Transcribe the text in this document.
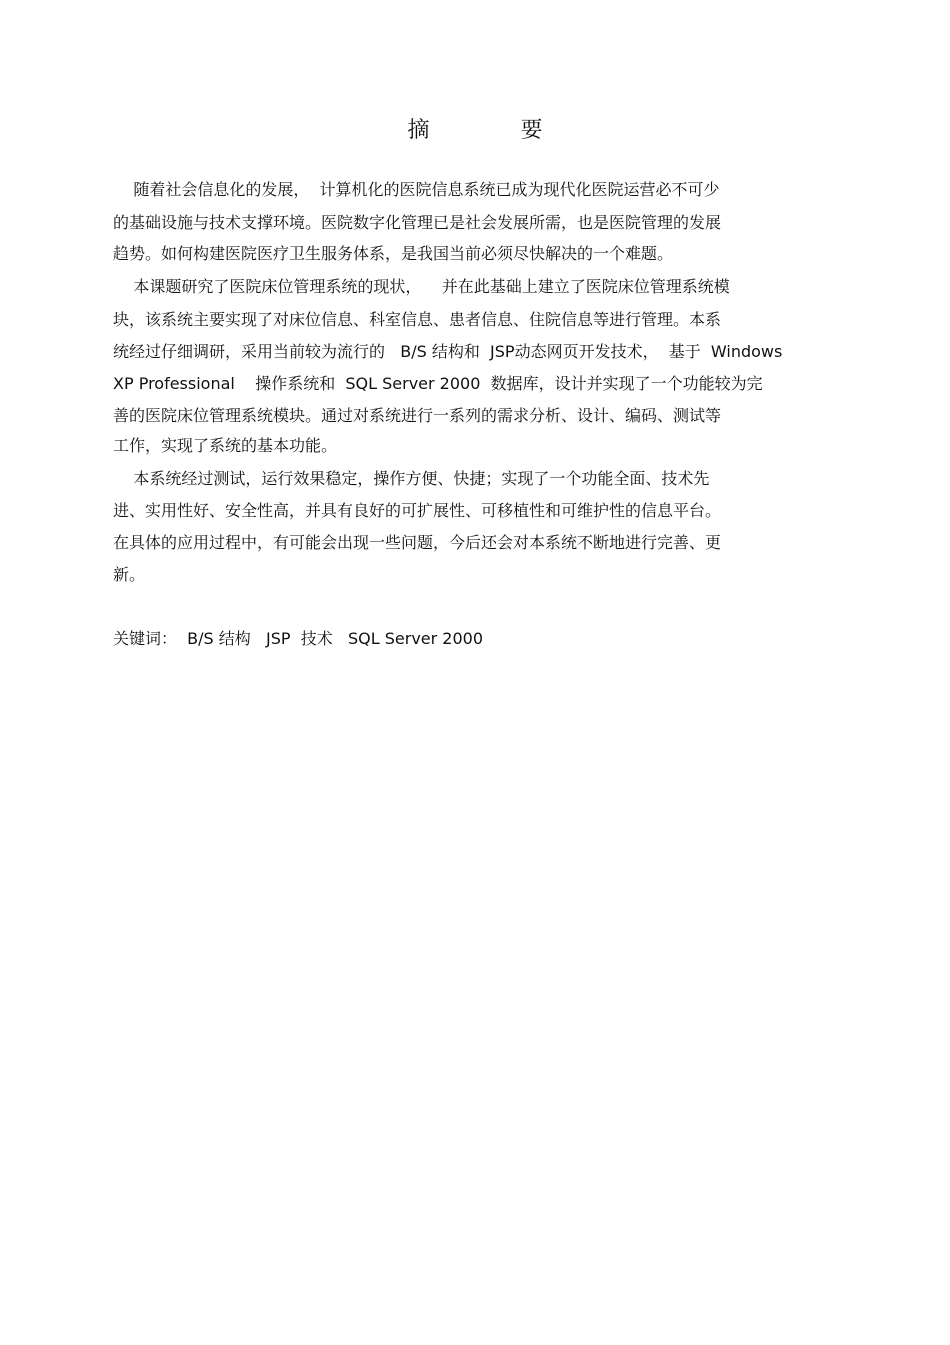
摘 要
随着社会信息化的发展，  计算机化的医院信息系统已成为现代化医院运营必不可少
的基础设施与技术支撑环境。医院数字化管理已是社会发展所需，也是医院管理的发展
趋势。如何构建医院医疗卫生服务体系，是我国当前必须尽快解决的一个难题。
本课题研究了医院床位管理系统的现状，    并在此基础上建立了医院床位管理系统模
块，该系统主要实现了对床位信息、科室信息、患者信息、住院信息等进行管理。本系
统经过仔细调研，采用当前较为流行的   B/S 结构和  JSP动态网页开发技术，  基于  Windows
XP Professional    操作系统和  SQL Server 2000  数据库，设计并实现了一个功能较为完
善的医院床位管理系统模块。通过对系统进行一系列的需求分析、设计、编码、测试等
工作，实现了系统的基本功能。
本系统经过测试，运行效果稳定，操作方便、快捷；实现了一个功能全面、技术先
进、实用性好、安全性高，并具有良好的可扩展性、可移植性和可维护性的信息平台。
在具体的应用过程中，有可能会出现一些问题，今后还会对本系统不断地进行完善、更
新。
关键词：  B/S 结构   JSP  技术   SQL Server 2000
